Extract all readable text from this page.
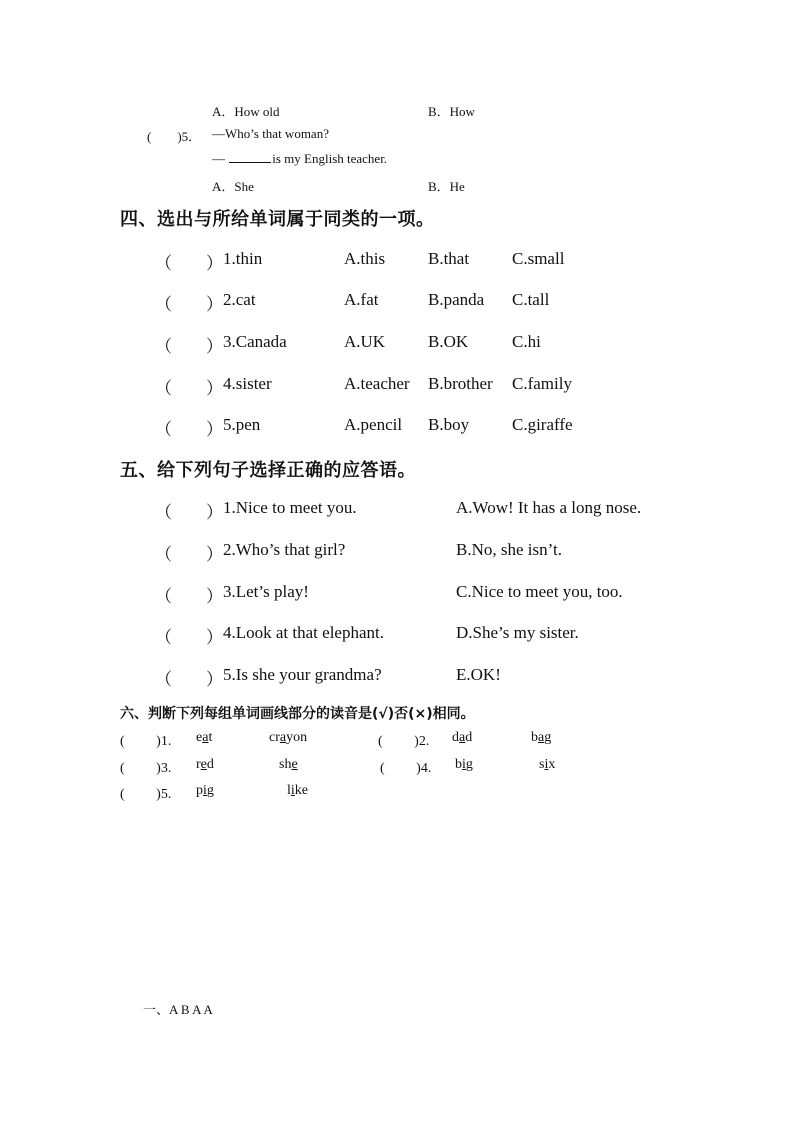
A．How old	B．How
(　　)5． —Who’s that woman?
—	is my English teacher.
A．She	B．He
四、选出与所给单词属于同类的一项。
（　　） 1.thin	A.this	B.that	C.small
（　　） 2.cat	A.fat	B.panda C.tall
（　　） 3.Canada	A.UK	B.OK	C.hi
（　　） 4.sister	A.teacher B.brother C.family
（　　） 5.pen	A.pencil B.boy	C.giraffe
五、给下列句子选择正确的应答语。
（　　） 1.Nice to meet you.	A.Wow! It has a long nose.
（　　） 2.Who’s that girl?	B.No, she isn’t.
（　　） 3.Let’s play!	C.Nice to meet you, too.
（　　） 4.Look at that elephant.	D.She’s my sister.
（　　） 5.Is she your grandma?	E.OK!
六、判断下列每组单词画线部分的读音是(√)否(×)相同。
(　　 )1. eat	crayon	(　　 )2. dad	bag
(　　 )3. red	she	(　　 )4. big	six
(　　 )5. pig	like
一、A B A A
